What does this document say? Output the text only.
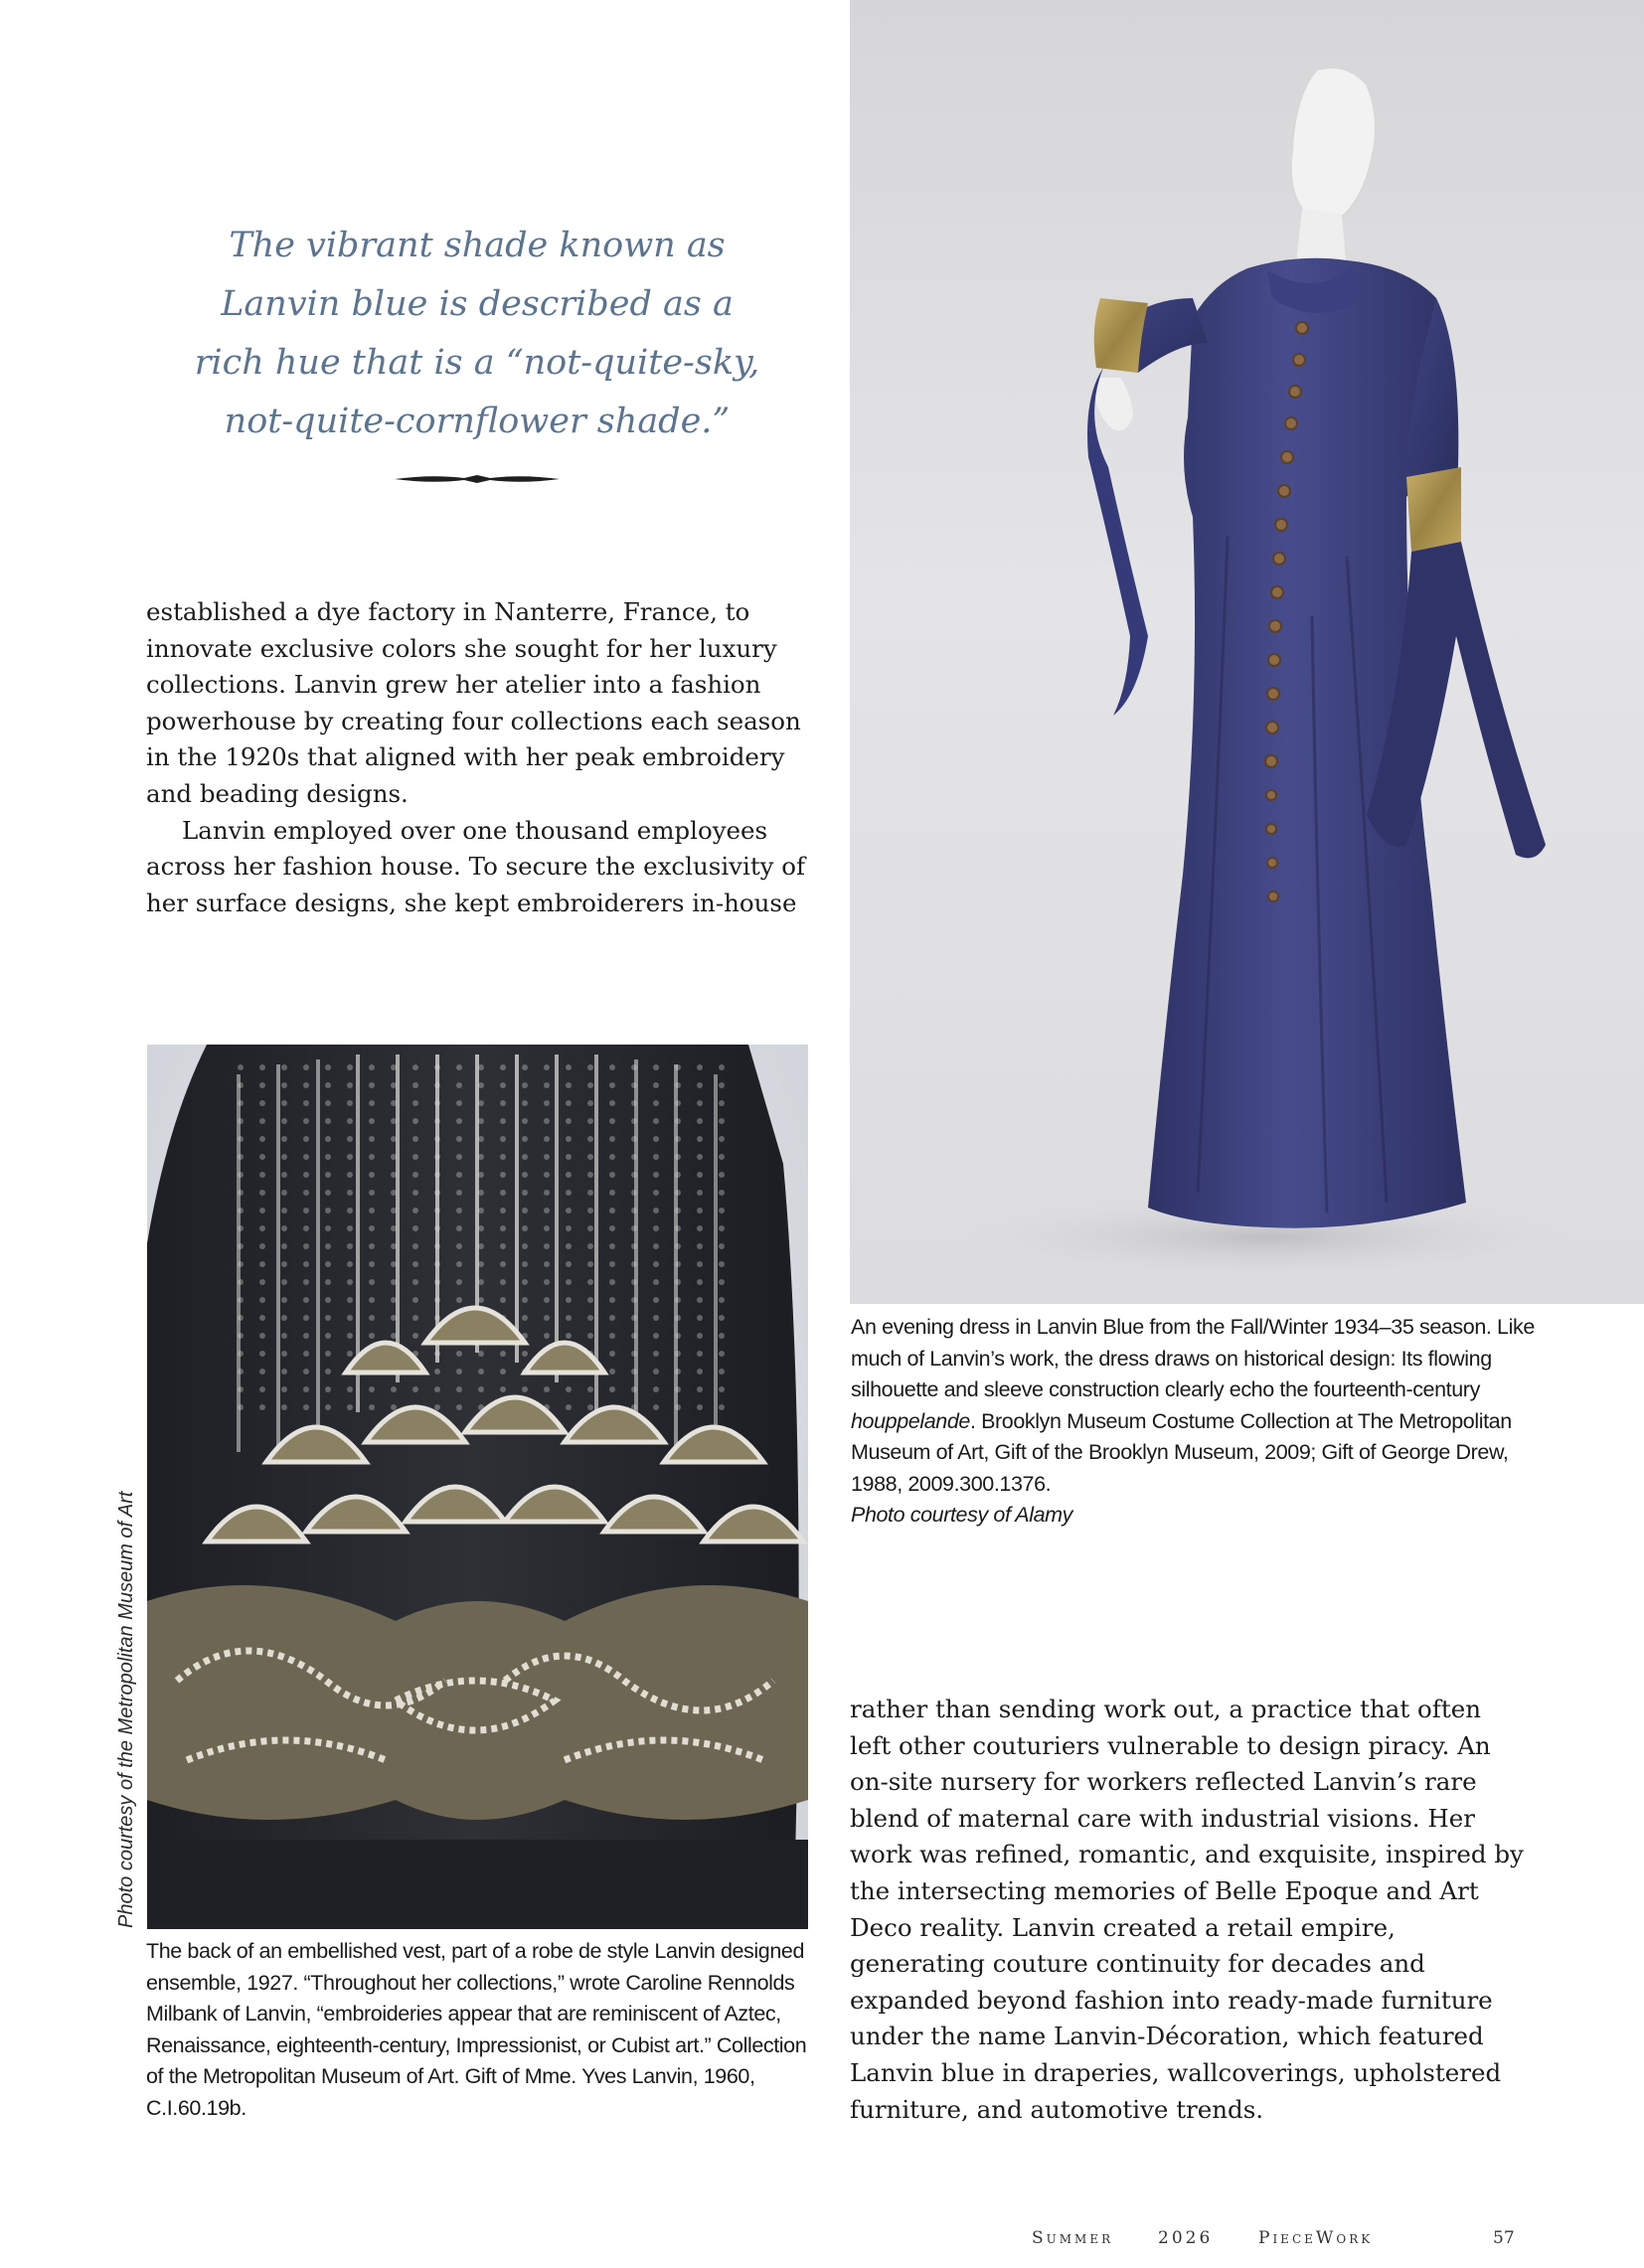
The vibrant shade known as
Lanvin blue is described as a
rich hue that is a “not-quite-sky,
not-quite-cornflower shade.”

established a dye factory in Nanterre, France, to innovate exclusive colors she sought for her luxury collections. Lanvin grew her atelier into a fashion powerhouse by creating four collections each season in the 1920s that aligned with her peak embroidery and beading designs.

Lanvin employed over one thousand employees across her fashion house. To secure the exclusivity of her surface designs, she kept embroiderers in-house

An evening dress in Lanvin Blue from the Fall/Winter 1934–35 season. Like much of Lanvin’s work, the dress draws on historical design: Its flowing silhouette and sleeve construction clearly echo the fourteenth-century houppelande. Brooklyn Museum Costume Collection at The Metropolitan Museum of Art, Gift of the Brooklyn Museum, 2009; Gift of George Drew, 1988, 2009.300.1376.
Photo courtesy of Alamy
Photo courtesy of the Metropolitan Museum of Art
The back of an embellished vest, part of a robe de style Lanvin designed ensemble, 1927. “Throughout her collections,” wrote Caroline Rennolds Milbank of Lanvin, “embroideries appear that are reminiscent of Aztec, Renaissance, eighteenth-century, Impressionist, or Cubist art.” Collection of the Metropolitan Museum of Art. Gift of Mme. Yves Lanvin, 1960, C.I.60.19b.

rather than sending work out, a practice that often left other couturiers vulnerable to design piracy. An on-site nursery for workers reflected Lanvin’s rare blend of maternal care with industrial visions. Her work was refined, romantic, and exquisite, inspired by the intersecting memories of Belle Epoque and Art Deco reality. Lanvin created a retail empire, generating couture continuity for decades and expanded beyond fashion into ready-made furniture under the name Lanvin-Décoration, which featured Lanvin blue in draperies, wallcoverings, upholstered furniture, and automotive trends.

Summer	2026	PieceWork	57
